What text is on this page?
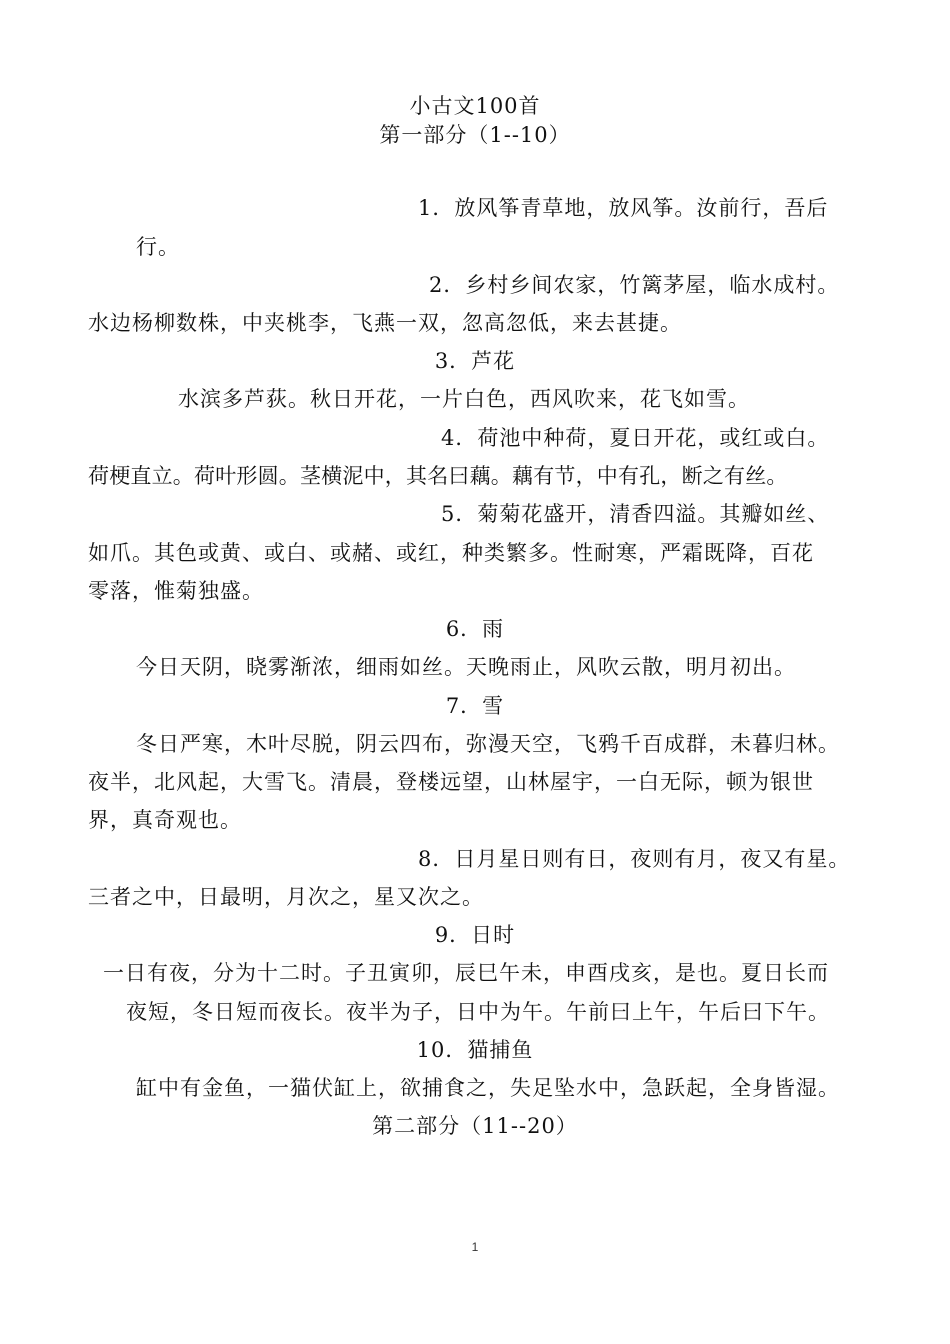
小古文100首
第一部分（1--10）
1．放风筝青草地，放风筝。汝前行，吾后
行。
2．乡村乡间农家，竹篱茅屋，临水成村。
水边杨柳数株，中夹桃李，飞燕一双，忽高忽低，来去甚捷。
3．芦花
水滨多芦荻。秋日开花，一片白色，西风吹来，花飞如雪。
4．荷池中种荷，夏日开花，或红或白。
荷梗直立。荷叶形圆。茎横泥中，其名曰藕。藕有节，中有孔，断之有丝。
5．菊菊花盛开，清香四溢。其瓣如丝、
如爪。其色或黄、或白、或赭、或红，种类繁多。性耐寒，严霜既降，百花
零落，惟菊独盛。
6．雨
今日天阴，晓雾渐浓，细雨如丝。天晚雨止，风吹云散，明月初出。
7．雪
冬日严寒，木叶尽脱，阴云四布，弥漫天空，飞鸦千百成群，未暮归林。
夜半，北风起，大雪飞。清晨，登楼远望，山林屋宇，一白无际，顿为银世
界，真奇观也。
8．日月星日则有日，夜则有月，夜又有星。
三者之中，日最明，月次之，星又次之。
9．日时
一日有夜，分为十二时。子丑寅卯，辰巳午未，申酉戌亥，是也。夏日长而
夜短，冬日短而夜长。夜半为子，日中为午。午前曰上午，午后曰下午。
10．猫捕鱼
缸中有金鱼，一猫伏缸上，欲捕食之，失足坠水中，急跃起，全身皆湿。
第二部分（11--20）
1
